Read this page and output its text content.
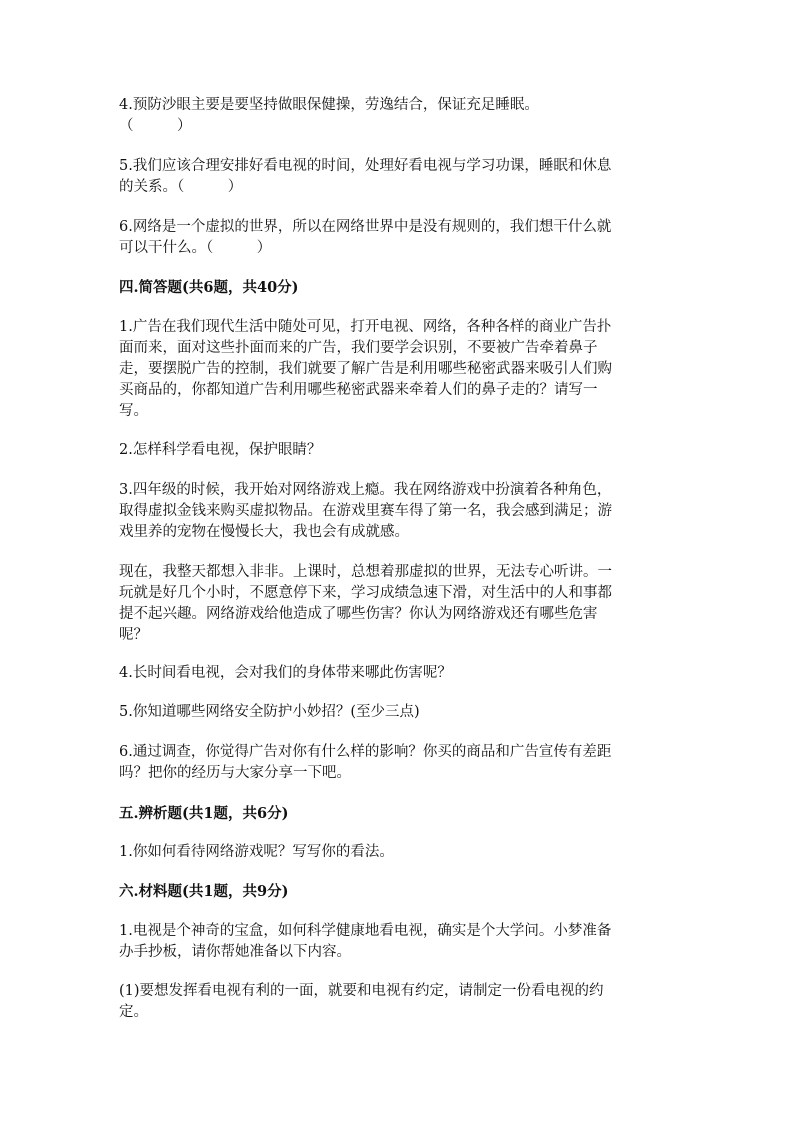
4.预防沙眼主要是要坚持做眼保健操，劳逸结合，保证充足睡眠。
（　　　）
5.我们应该合理安排好看电视的时间，处理好看电视与学习功课，睡眠和休息
的关系。（　　　）
6.网络是一个虚拟的世界，所以在网络世界中是没有规则的，我们想干什么就
可以干什么。（　　　）
四.简答题(共6题，共40分)
1.广告在我们现代生活中随处可见，打开电视、网络，各种各样的商业广告扑
面而来，面对这些扑面而来的广告，我们要学会识别，不要被广告牵着鼻子
走，要摆脱广告的控制，我们就要了解广告是利用哪些秘密武器来吸引人们购
买商品的，你都知道广告利用哪些秘密武器来牵着人们的鼻子走的？请写一
写。
2.怎样科学看电视，保护眼睛？
3.四年级的时候，我开始对网络游戏上瘾。我在网络游戏中扮演着各种角色，
取得虚拟金钱来购买虚拟物品。在游戏里赛车得了第一名，我会感到满足；游
戏里养的宠物在慢慢长大，我也会有成就感。
现在，我整天都想入非非。上课时，总想着那虚拟的世界，无法专心听讲。一
玩就是好几个小时，不愿意停下来，学习成绩急速下滑，对生活中的人和事都
提不起兴趣。网络游戏给他造成了哪些伤害？你认为网络游戏还有哪些危害
呢？
4.长时间看电视，会对我们的身体带来哪此伤害呢？
5.你知道哪些网络安全防护小妙招？(至少三点)
6.通过调查，你觉得广告对你有什么样的影响？你买的商品和广告宣传有差距
吗？把你的经历与大家分享一下吧。
五.辨析题(共1题，共6分)
1.你如何看待网络游戏呢？写写你的看法。
六.材料题(共1题，共9分)
1.电视是个神奇的宝盒，如何科学健康地看电视，确实是个大学问。小梦准备
办手抄板，请你帮她准备以下内容。
(1)要想发挥看电视有利的一面，就要和电视有约定，请制定一份看电视的约
定。
